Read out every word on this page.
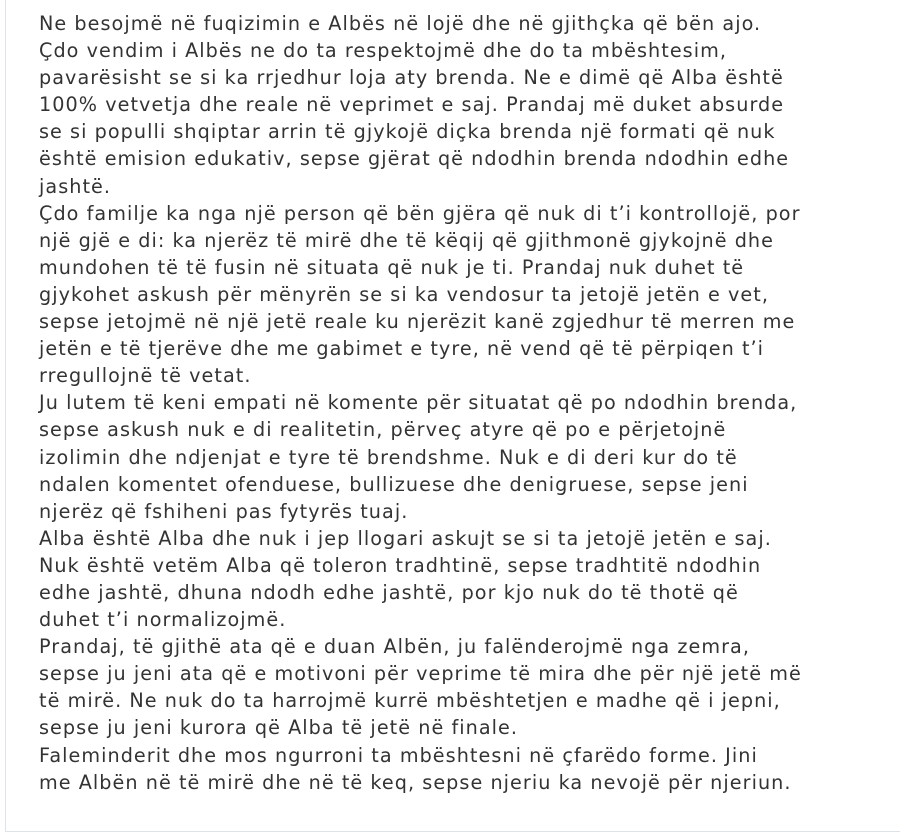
Ne besojmë në fuqizimin e Albës në lojë dhe në gjithçka që bën ajo.
Çdo vendim i Albës ne do ta respektojmë dhe do ta mbështesim,
pavarësisht se si ka rrjedhur loja aty brenda. Ne e dimë që Alba është
100% vetvetja dhe reale në veprimet e saj. Prandaj më duket absurde
se si populli shqiptar arrin të gjykojë diçka brenda një formati që nuk
është emision edukativ, sepse gjërat që ndodhin brenda ndodhin edhe
jashtë.
Çdo familje ka nga një person që bën gjëra që nuk di t’i kontrollojë, por
një gjë e di: ka njerëz të mirë dhe të këqij që gjithmonë gjykojnë dhe
mundohen të të fusin në situata që nuk je ti. Prandaj nuk duhet të
gjykohet askush për mënyrën se si ka vendosur ta jetojë jetën e vet,
sepse jetojmë në një jetë reale ku njerëzit kanë zgjedhur të merren me
jetën e të tjerëve dhe me gabimet e tyre, në vend që të përpiqen t’i
rregullojnë të vetat.
Ju lutem të keni empati në komente për situatat që po ndodhin brenda,
sepse askush nuk e di realitetin, përveç atyre që po e përjetojnë
izolimin dhe ndjenjat e tyre të brendshme. Nuk e di deri kur do të
ndalen komentet ofenduese, bullizuese dhe denigruese, sepse jeni
njerëz që fshiheni pas fytyrës tuaj.
Alba është Alba dhe nuk i jep llogari askujt se si ta jetojë jetën e saj.
Nuk është vetëm Alba që toleron tradhtinë, sepse tradhtitë ndodhin
edhe jashtë, dhuna ndodh edhe jashtë, por kjo nuk do të thotë që
duhet t’i normalizojmë.
Prandaj, të gjithë ata që e duan Albën, ju falënderojmë nga zemra,
sepse ju jeni ata që e motivoni për veprime të mira dhe për një jetë më
të mirë. Ne nuk do ta harrojmë kurrë mbështetjen e madhe që i jepni,
sepse ju jeni kurora që Alba të jetë në finale.
Faleminderit dhe mos ngurroni ta mbështesni në çfarëdo forme. Jini
me Albën në të mirë dhe në të keq, sepse njeriu ka nevojë për njeriun.
